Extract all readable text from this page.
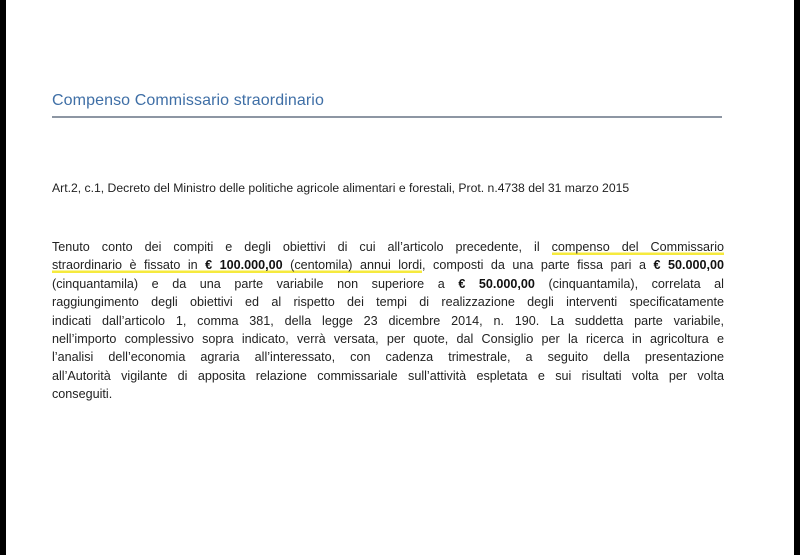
Compenso Commissario straordinario
Art.2, c.1, Decreto del Ministro delle politiche agricole alimentari e forestali, Prot. n.4738 del 31 marzo 2015
Tenuto conto dei compiti e degli obiettivi di cui all’articolo precedente, il compenso del Commissario
straordinario è fissato in € 100.000,00 (centomila) annui lordi, composti da una parte fissa pari a € 50.000,00
(cinquantamila) e da una parte variabile non superiore a € 50.000,00 (cinquantamila), correlata al
raggiungimento degli obiettivi ed al rispetto dei tempi di realizzazione degli interventi specificatamente
indicati dall’articolo 1, comma 381, della legge 23 dicembre 2014, n. 190. La suddetta parte variabile,
nell’importo complessivo sopra indicato, verrà versata, per quote, dal Consiglio per la ricerca in agricoltura e
l’analisi dell’economia agraria all’interessato, con cadenza trimestrale, a seguito della presentazione
all’Autorità vigilante di apposita relazione commissariale sull’attività espletata e sui risultati volta per volta
conseguiti.
